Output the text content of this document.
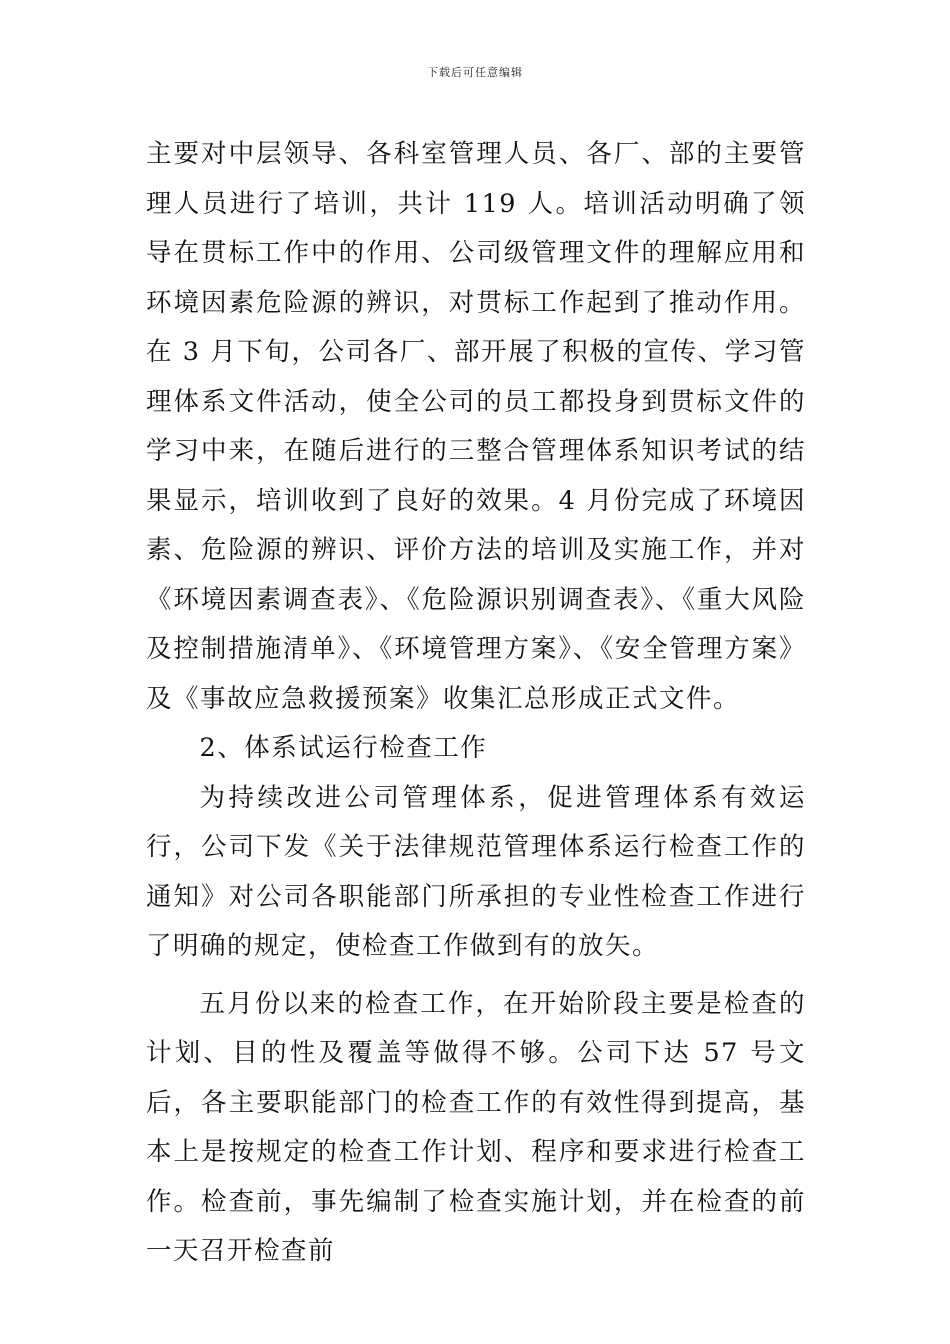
下载后可任意编辑

主要对中层领导、各科室管理人员、各厂、部的主要管理人员进行了培训，共计 119 人。培训活动明确了领导在贯标工作中的作用、公司级管理文件的理解应用和环境因素危险源的辨识，对贯标工作起到了推动作用。在 3 月下旬，公司各厂、部开展了积极的宣传、学习管理体系文件活动，使全公司的员工都投身到贯标文件的学习中来，在随后进行的三整合管理体系知识考试的结果显示，培训收到了良好的效果。4 月份完成了环境因素、危险源的辨识、评价方法的培训及实施工作，并对《环境因素调查表》、《危险源识别调查表》、《重大风险及控制措施清单》、《环境管理方案》、《安全管理方案》及《事故应急救援预案》收集汇总形成正式文件。

2、体系试运行检查工作

为持续改进公司管理体系，促进管理体系有效运行，公司下发《关于法律规范管理体系运行检查工作的通知》对公司各职能部门所承担的专业性检查工作进行了明确的规定，使检查工作做到有的放矢。

五月份以来的检查工作，在开始阶段主要是检查的计划、目的性及覆盖等做得不够。公司下达 57 号文后，各主要职能部门的检查工作的有效性得到提高，基本上是按规定的检查工作计划、程序和要求进行检查工作。检查前，事先编制了检查实施计划，并在检查的前一天召开检查前
